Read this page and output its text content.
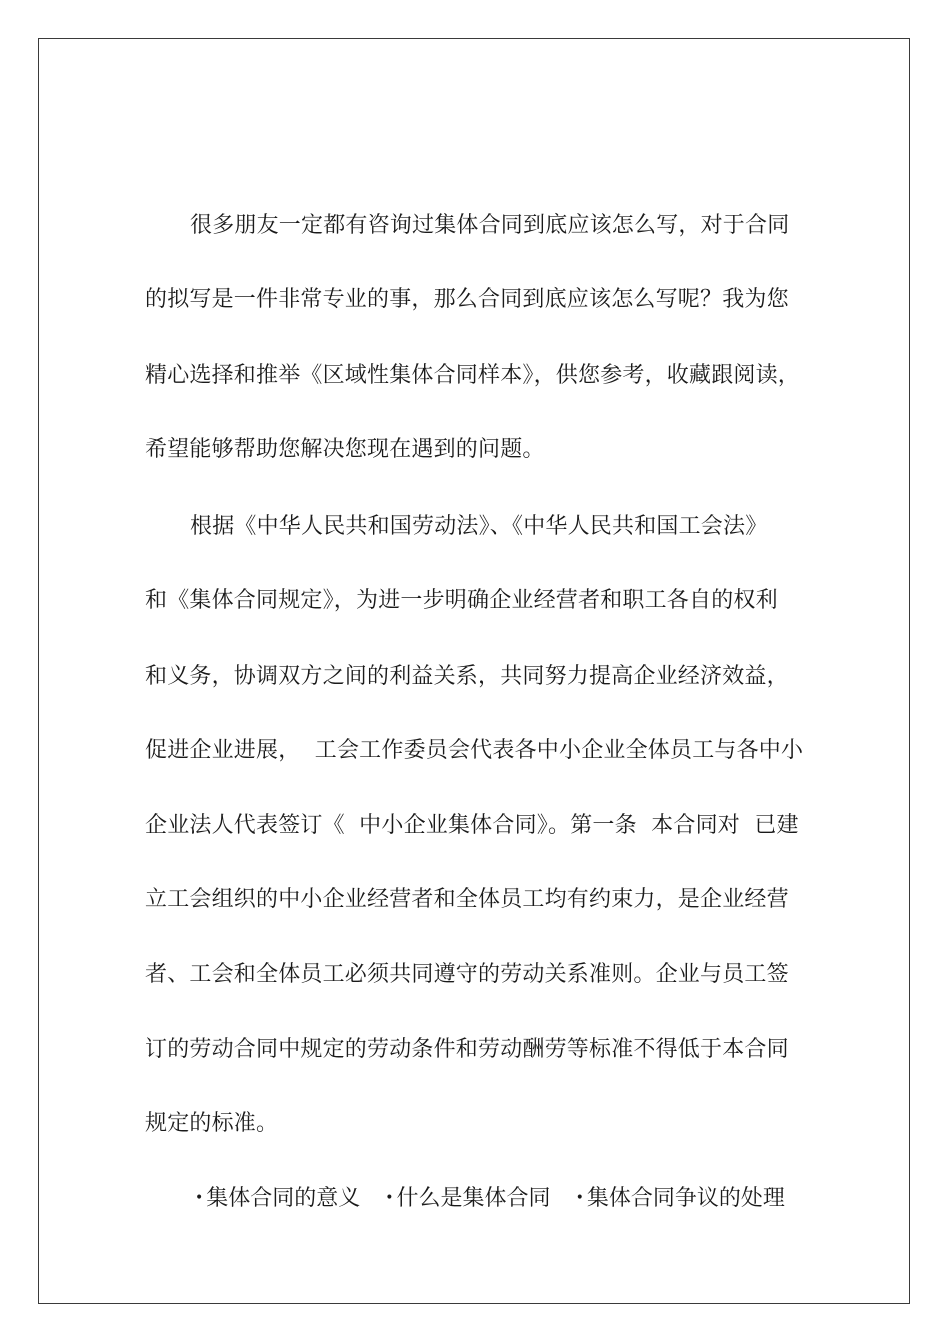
很多朋友一定都有咨询过集体合同到底应该怎么写，对于合同
的拟写是一件非常专业的事，那么合同到底应该怎么写呢？我为您
精心选择和推举《区域性集体合同样本》，供您参考，收藏跟阅读，
希望能够帮助您解决您现在遇到的问题。
根据《中华人民共和国劳动法》、《中华人民共和国工会法》
和《集体合同规定》，为进一步明确企业经营者和职工各自的权利
和义务，协调双方之间的利益关系，共同努力提高企业经济效益，
促进企业进展，  工会工作委员会代表各中小企业全体员工与各中小
企业法人代表签订《  中小企业集体合同》。第一条  本合同对  已建
立工会组织的中小企业经营者和全体员工均有约束力，是企业经营
者、工会和全体员工必须共同遵守的劳动关系准则。企业与员工签
订的劳动合同中规定的劳动条件和劳动酬劳等标准不得低于本合同
规定的标准。
• 集体合同的意义 • 什么是集体合同 • 集体合同争议的处理
